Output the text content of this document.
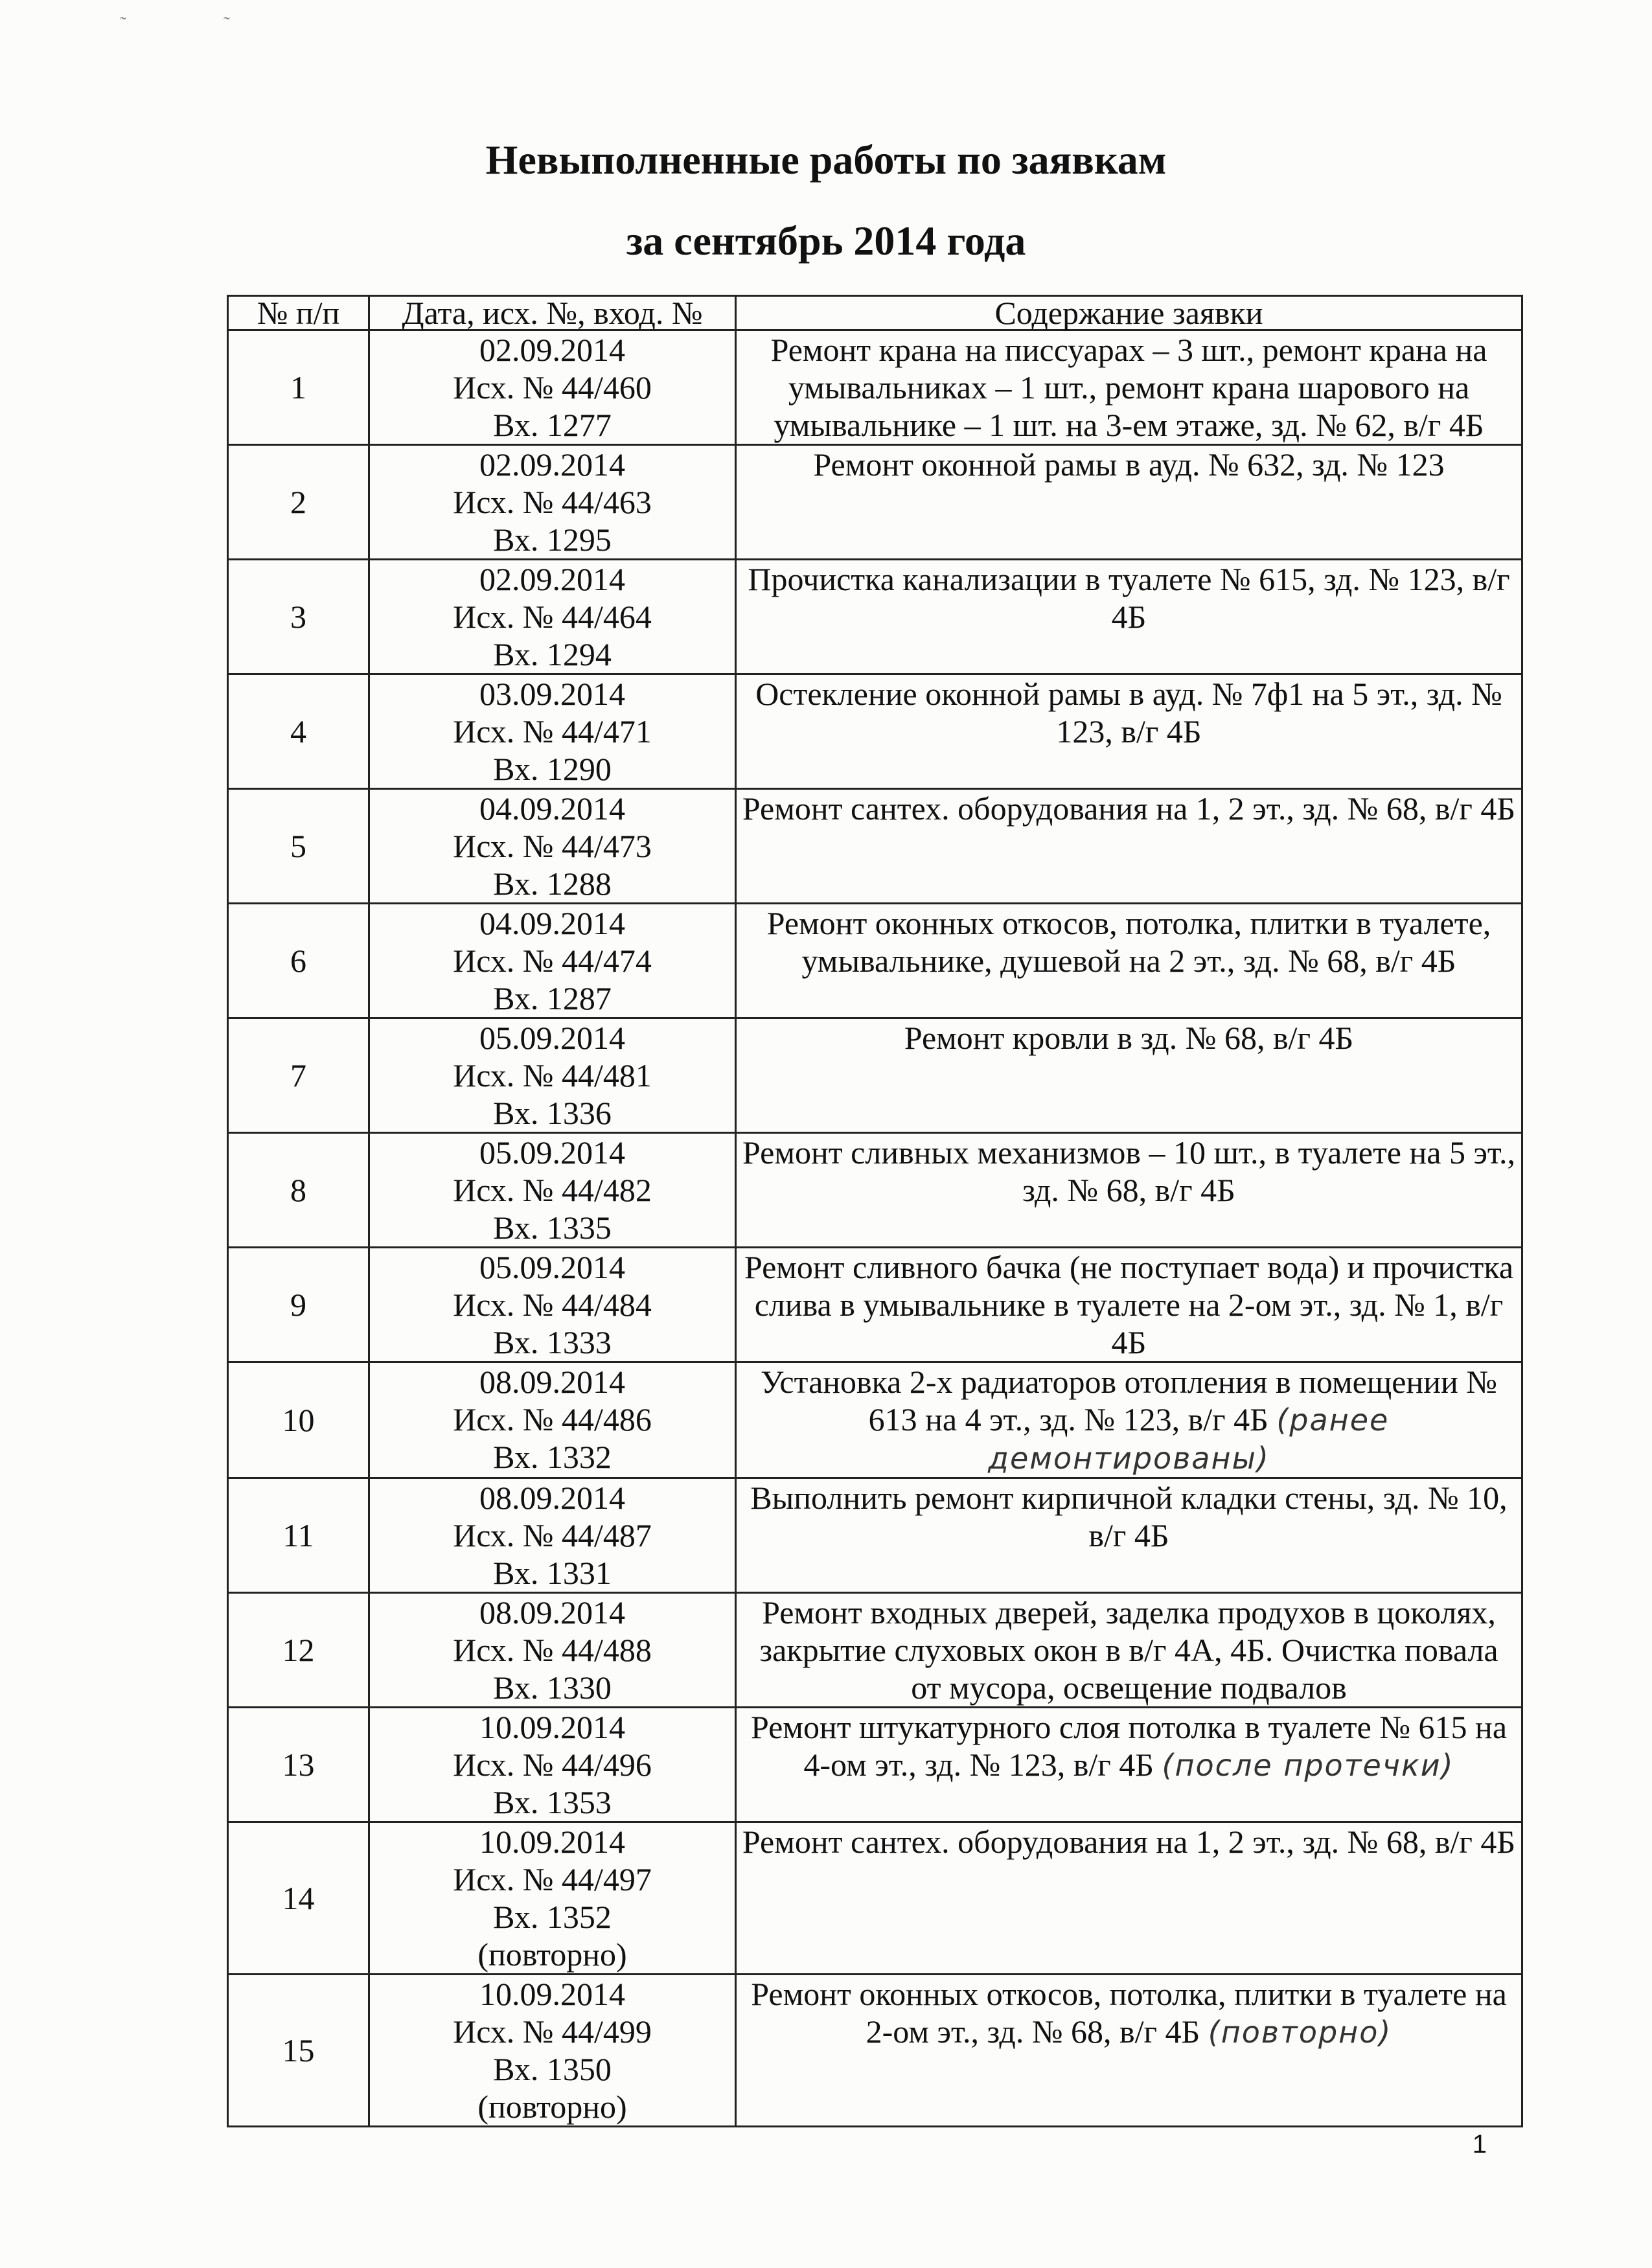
˜                    ˜
Невыполненные работы по заявкам
за сентябрь 2014 года
№ п/п	Дата, исх. №, вход. №	Содержание заявки
1	02.09.2014
Исх. № 44/460
Вх. 1277	Ремонт крана на писсуарах – 3 шт., ремонт крана на умывальниках – 1 шт., ремонт крана шарового на умывальнике – 1 шт. на 3-ем этаже, зд. № 62, в/г 4Б
2	02.09.2014
Исх. № 44/463
Вх. 1295	Ремонт оконной рамы в ауд. № 632, зд. № 123
3	02.09.2014
Исх. № 44/464
Вх. 1294	Прочистка канализации в туалете № 615, зд. № 123, в/г 4Б
4	03.09.2014
Исх. № 44/471
Вх. 1290	Остекление оконной рамы в ауд. № 7ф1 на 5 эт., зд. № 123, в/г 4Б
5	04.09.2014
Исх. № 44/473
Вх. 1288	Ремонт сантех. оборудования на 1, 2 эт., зд. № 68, в/г 4Б
6	04.09.2014
Исх. № 44/474
Вх. 1287	Ремонт оконных откосов, потолка, плитки в туалете, умывальнике, душевой на 2 эт., зд. № 68, в/г 4Б
7	05.09.2014
Исх. № 44/481
Вх. 1336	Ремонт кровли в зд. № 68, в/г 4Б
8	05.09.2014
Исх. № 44/482
Вх. 1335	Ремонт сливных механизмов – 10 шт., в туалете на 5 эт., зд. № 68, в/г 4Б
9	05.09.2014
Исх. № 44/484
Вх. 1333	Ремонт сливного бачка (не поступает вода) и прочистка слива в умывальнике в туалете на 2-ом эт., зд. № 1, в/г 4Б
10	08.09.2014
Исх. № 44/486
Вх. 1332	Установка 2-х радиаторов отопления в помещении № 613 на 4 эт., зд. № 123, в/г 4Б (ранее демонтированы)
11	08.09.2014
Исх. № 44/487
Вх. 1331	Выполнить ремонт кирпичной кладки стены, зд. № 10, в/г 4Б
12	08.09.2014
Исх. № 44/488
Вх. 1330	Ремонт входных дверей, заделка продухов в цоколях, закрытие слуховых окон в в/г 4А, 4Б. Очистка повала от мусора, освещение подвалов
13	10.09.2014
Исх. № 44/496
Вх. 1353	Ремонт штукатурного слоя потолка в туалете № 615 на 4-ом эт., зд. № 123, в/г 4Б (после протечки)
14	10.09.2014
Исх. № 44/497
Вх. 1352
(повторно)	Ремонт сантех. оборудования на 1, 2 эт., зд. № 68, в/г 4Б
15	10.09.2014
Исх. № 44/499
Вх. 1350
(повторно)	Ремонт оконных откосов, потолка, плитки в туалете на 2-ом эт., зд. № 68, в/г 4Б (повторно)
1
